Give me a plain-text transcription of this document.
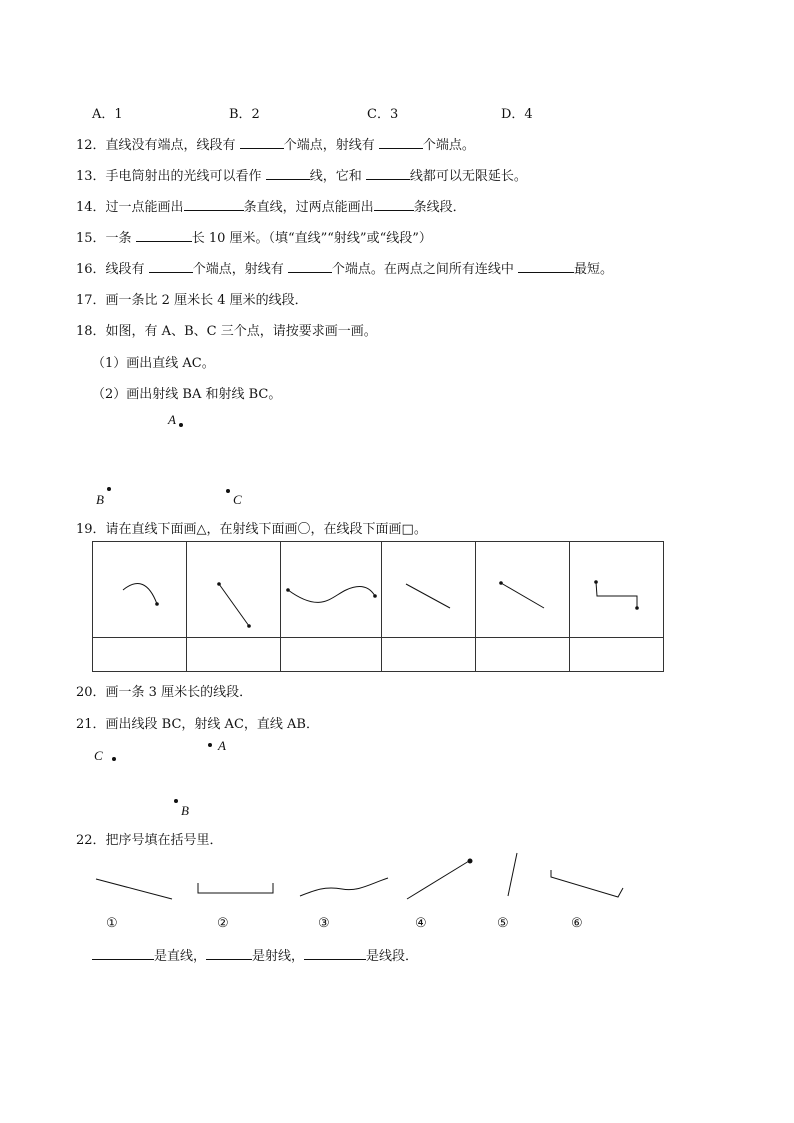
A．1	B．2	C．3	D．4
12．直线没有端点，线段有	个端点，射线有	个端点。
13．手电筒射出的光线可以看作	线，它和	线都可以无限延长。
14．过一点能画出	条直线，过两点能画出	条线段．
15．一条	长 10 厘米。（填“直线”“射线”或“线段”）
16．线段有	个端点，射线有	个端点。在两点之间所有连线中	最短。
17．画一条比 2 厘米长 4 厘米的线段．
18．如图，有 A、B、C 三个点，请按要求画一画。
（1）画出直线 AC。
（2）画出射线 BA 和射线 BC。
A
B	C
19．请在直线下面画△，在射线下面画〇，在线段下面画□。

20．画一条 3 厘米长的线段．
21．画出线段 BC，射线 AC，直线 AB．
A
C
B
22．把序号填在括号里．
①	②	③	④	⑤	⑥
是直线，	是射线，	是线段．
